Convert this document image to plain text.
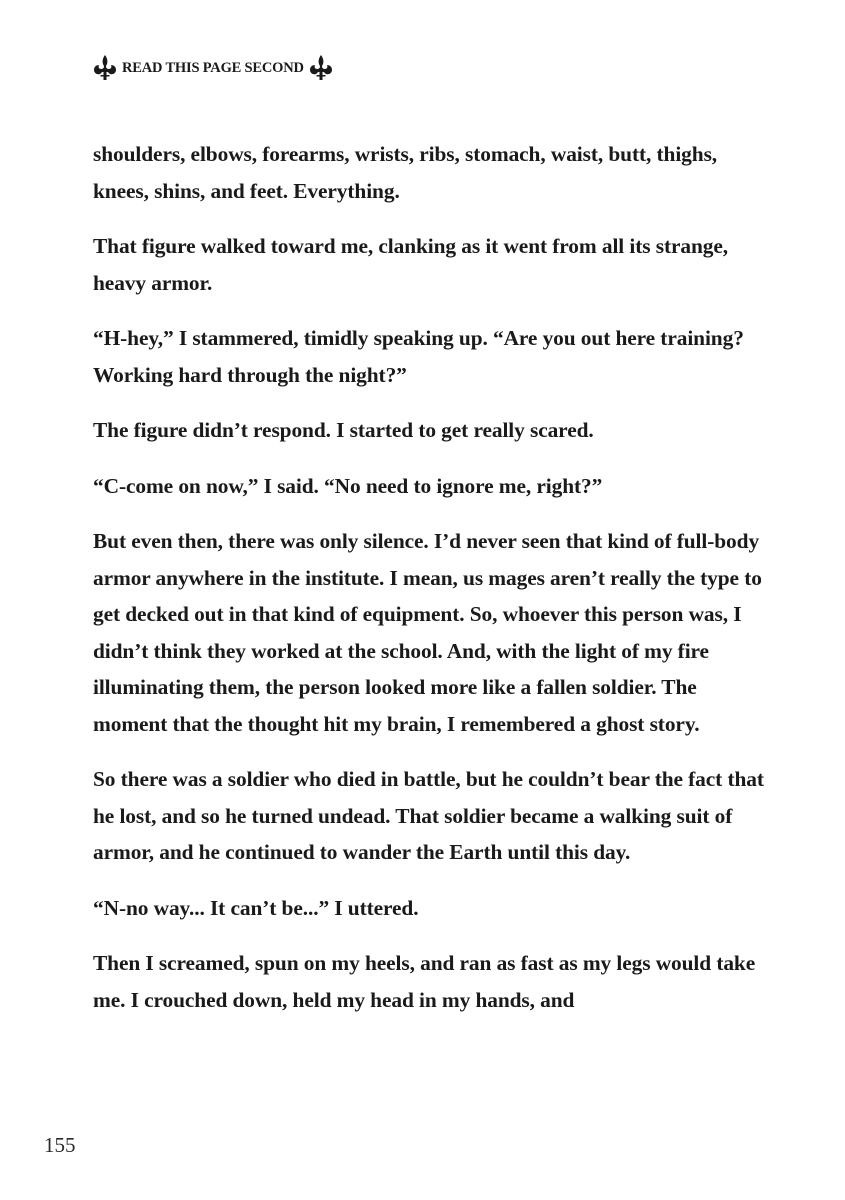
READ THIS PAGE SECOND

shoulders, elbows, forearms, wrists, ribs, stomach, waist, butt, thighs, knees, shins, and feet. Everything.

That figure walked toward me, clanking as it went from all its strange, heavy armor.

“H-hey,” I stammered, timidly speaking up. “Are you out here training? Working hard through the night?”

The figure didn’t respond. I started to get really scared.

“C-come on now,” I said. “No need to ignore me, right?”

But even then, there was only silence. I’d never seen that kind of full-body armor anywhere in the institute. I mean, us mages aren’t really the type to get decked out in that kind of equipment. So, whoever this person was, I didn’t think they worked at the school. And, with the light of my fire illuminating them, the person looked more like a fallen soldier. The moment that the thought hit my brain, I remembered a ghost story.

So there was a soldier who died in battle, but he couldn’t bear the fact that he lost, and so he turned undead. That soldier became a walking suit of armor, and he continued to wander the Earth until this day.

“N-no way... It can’t be...” I uttered.

Then I screamed, spun on my heels, and ran as fast as my legs would take me. I crouched down, held my head in my hands, and

155
